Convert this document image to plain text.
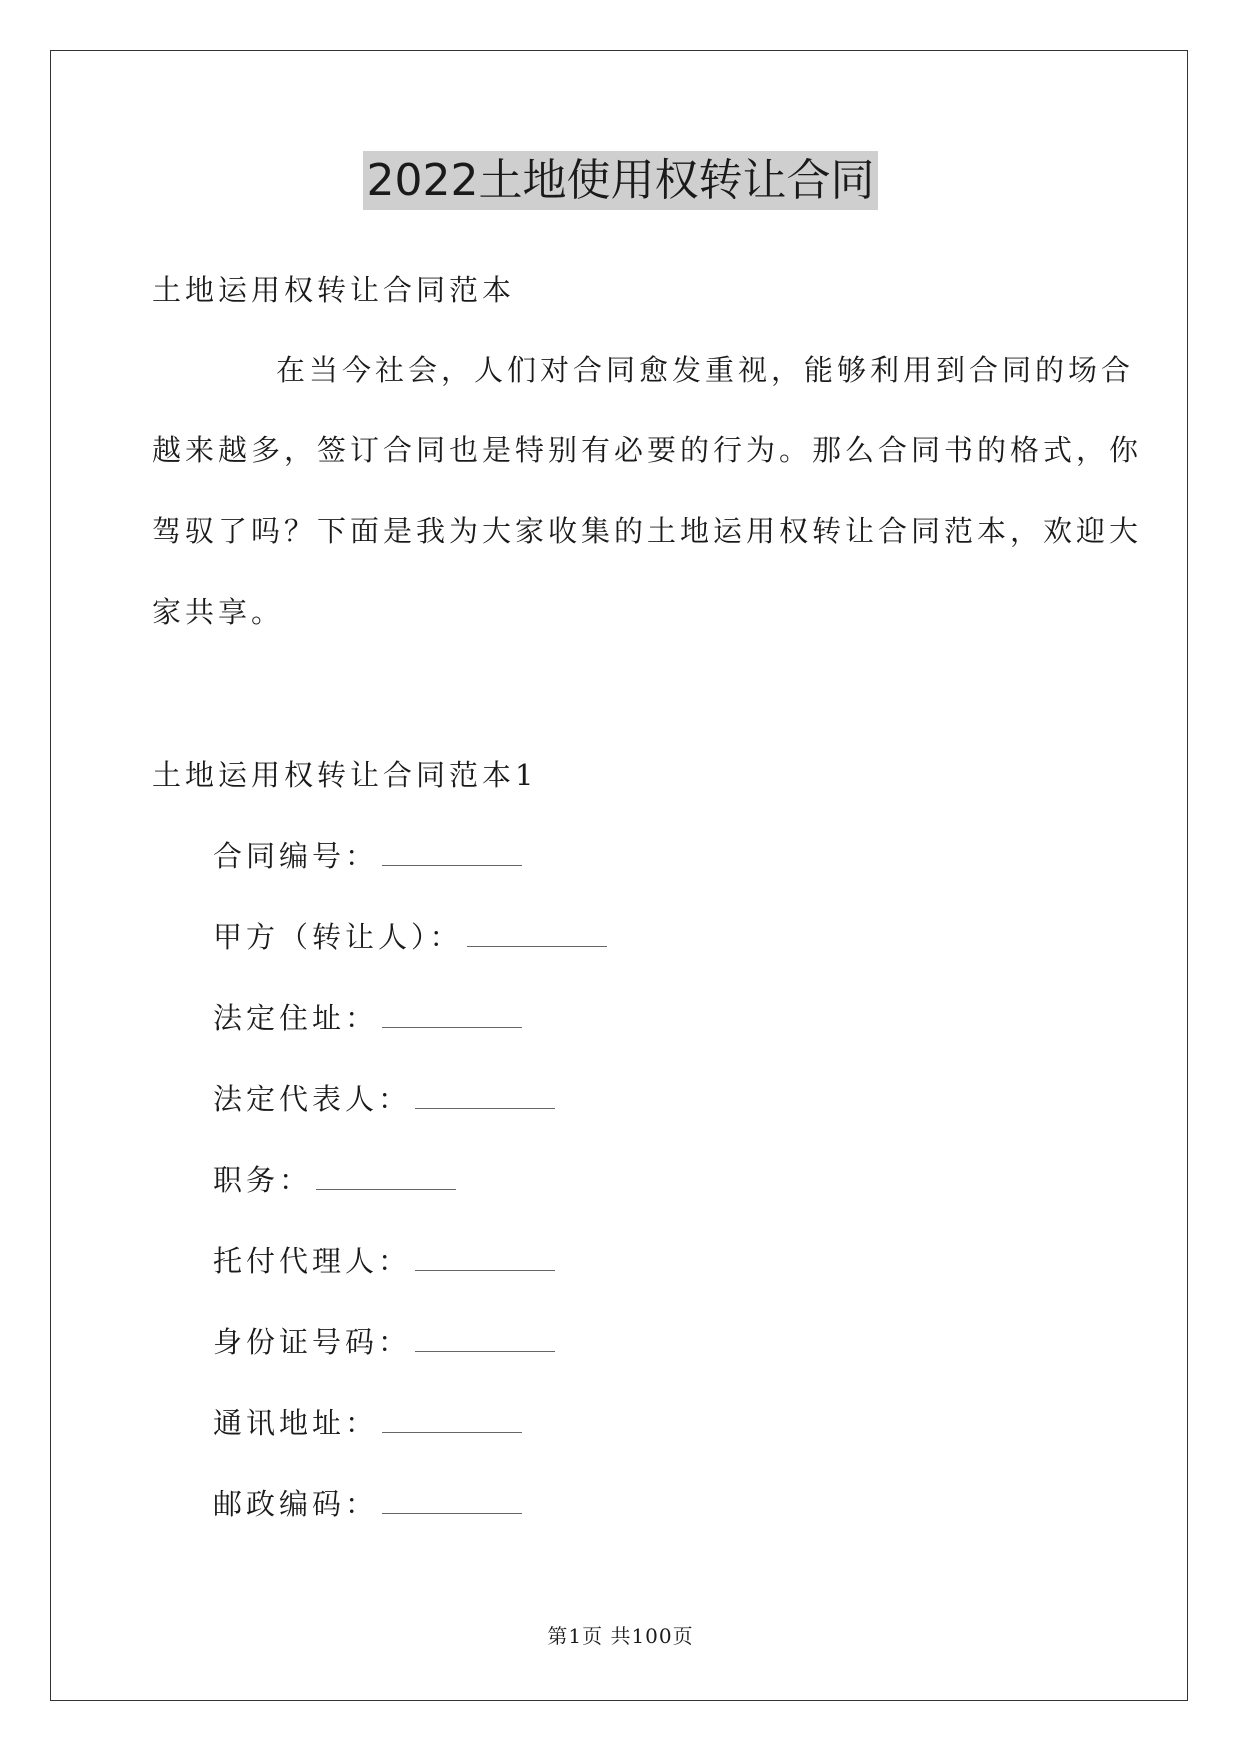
2022土地使用权转让合同
土地运用权转让合同范本
在当今社会，人们对合同愈发重视，能够利用到合同的场合
越来越多，签订合同也是特别有必要的行为。那么合同书的格式，你
驾驭了吗？下面是我为大家收集的土地运用权转让合同范本，欢迎大
家共享。
土地运用权转让合同范本1
合同编号：
甲方（转让人）：
法定住址：
法定代表人：
职务：
托付代理人：
身份证号码：
通讯地址：
邮政编码：
第1页 共100页
